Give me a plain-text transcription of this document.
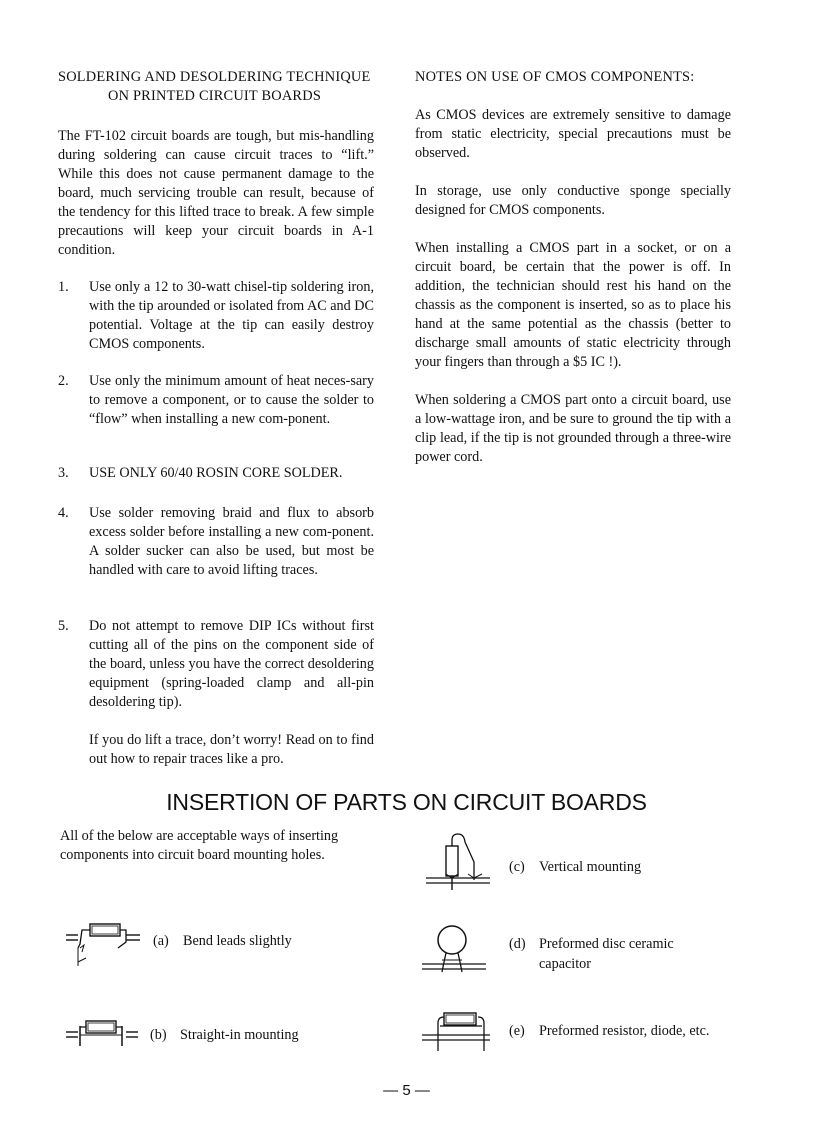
SOLDERING AND DESOLDERING TECHNIQUE
ON PRINTED CIRCUIT BOARDS

The FT-102 circuit boards are tough, but mis-handling during soldering can cause circuit traces to “lift.” While this does not cause permanent damage to the board, much servicing trouble can result, because of the tendency for this lifted trace to break. A few simple precautions will keep your circuit boards in A-1 condition.

1. Use only a 12 to 30-watt chisel-tip soldering iron, with the tip arounded or isolated from AC and DC potential. Voltage at the tip can easily destroy CMOS components.
2. Use only the minimum amount of heat neces-sary to remove a component, or to cause the solder to “flow” when installing a new com-ponent.
3. USE ONLY 60/40 ROSIN CORE SOLDER.
4. Use solder removing braid and flux to absorb excess solder before installing a new com-ponent. A solder sucker can also be used, but most be handled with care to avoid lifting traces.
5. Do not attempt to remove DIP ICs without first cutting all of the pins on the component side of the board, unless you have the correct desoldering equipment (spring-loaded clamp and all-pin desoldering tip).

If you do lift a trace, don’t worry! Read on to find out how to repair traces like a pro.

NOTES ON USE OF CMOS COMPONENTS:

As CMOS devices are extremely sensitive to damage from static electricity, special precautions must be observed.

In storage, use only conductive sponge specially designed for CMOS components.

When installing a CMOS part in a socket, or on a circuit board, be certain that the power is off. In addition, the technician should rest his hand on the chassis as the component is inserted, so as to place his hand at the same potential as the chassis (better to discharge small amounts of static electricity through your fingers than through a $5 IC !).

When soldering a CMOS part onto a circuit board, use a low-wattage iron, and be sure to ground the tip with a clip lead, if the tip is not grounded through a three-wire power cord.

INSERTION OF PARTS ON CIRCUIT BOARDS

All of the below are acceptable ways of inserting components into circuit board mounting holes.

(a) Bend leads slightly
(b) Straight-in mounting
(c) Vertical mounting
(d) Preformed disc ceramic capacitor
(e) Preformed resistor, diode, etc.
— 5 —
